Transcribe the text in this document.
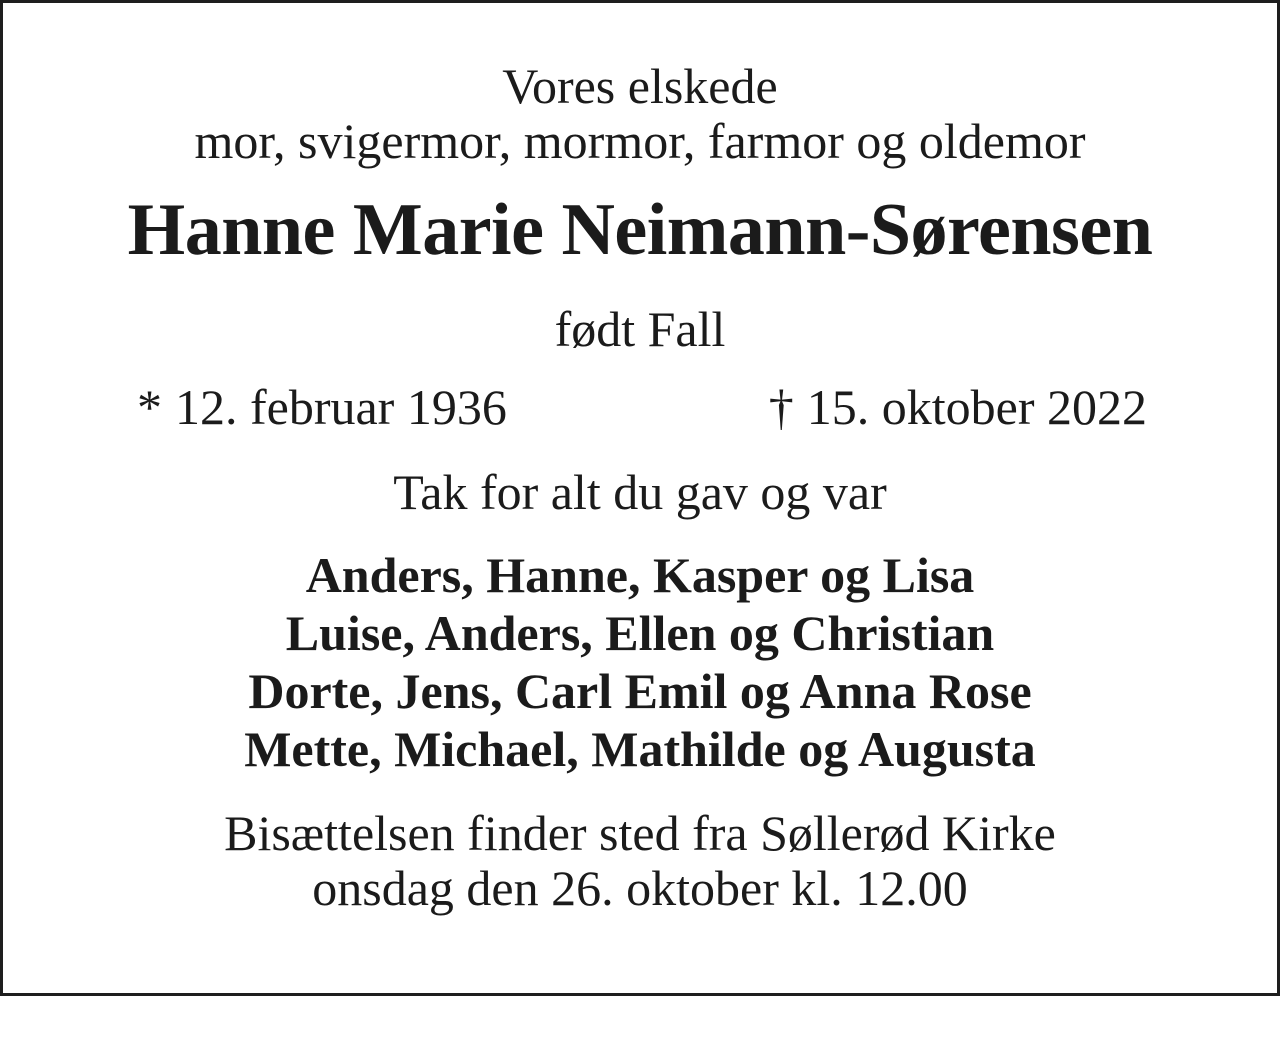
Vores elskede
mor, svigermor, mormor, farmor og oldemor
Hanne Marie Neimann-Sørensen
født Fall
* 12. februar 1936	† 15. oktober 2022
Tak for alt du gav og var
Anders, Hanne, Kasper og Lisa
Luise, Anders, Ellen og Christian
Dorte, Jens, Carl Emil og Anna Rose
Mette, Michael, Mathilde og Augusta
Bisættelsen finder sted fra Søllerød Kirke
onsdag den 26. oktober kl. 12.00
